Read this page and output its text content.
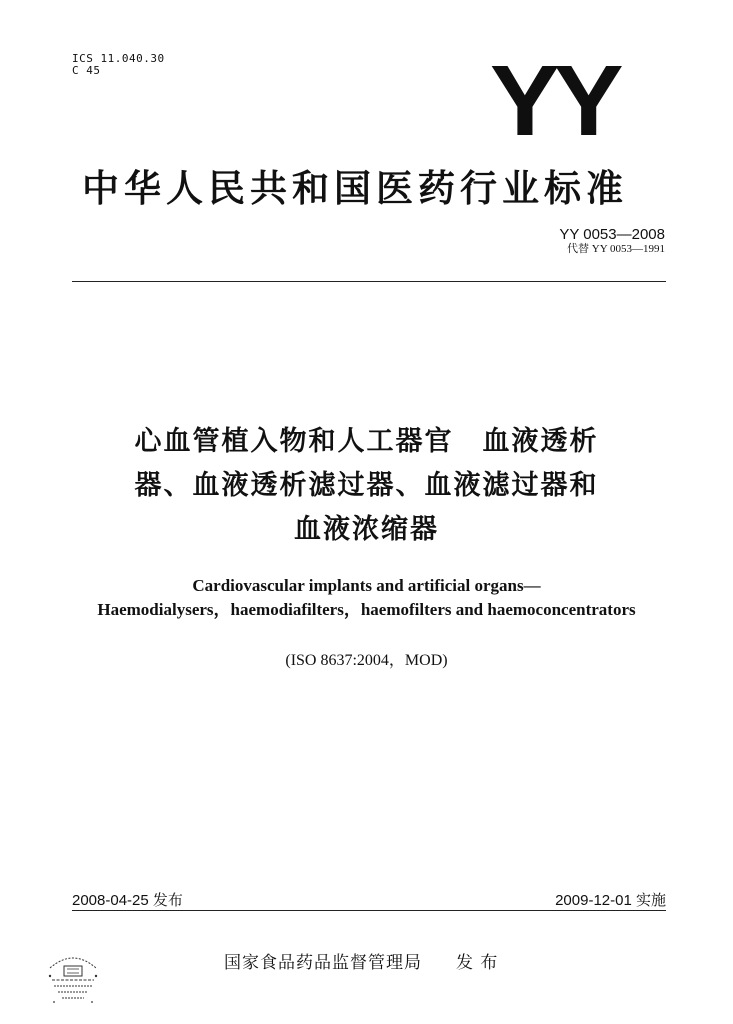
ICS 11.040.30
C 45	YY
中华人民共和国医药行业标准
YY 0053—2008
代替 YY 0053—1991
心血管植入物和人工器官　血液透析
器、血液透析滤过器、血液滤过器和
血液浓缩器
Cardiovascular implants and artificial organs—
Haemodialysers，haemodiafilters，haemofilters and haemoconcentrators
(ISO 8637:2004，MOD)
2008-04-25 发布	2009-12-01 实施
国家食品药品监督管理局 发 布
